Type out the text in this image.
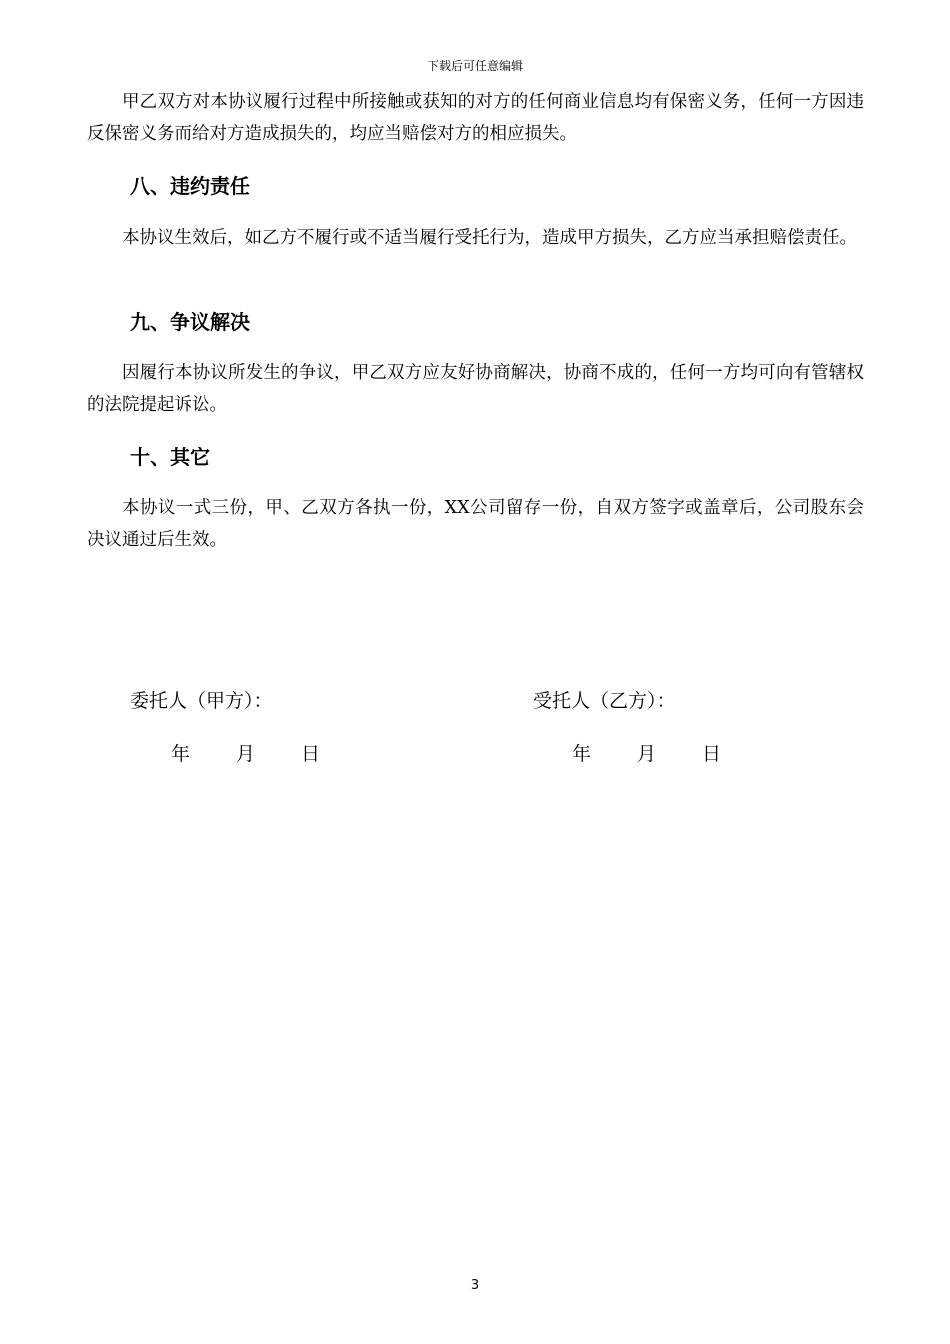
下载后可任意编辑

甲乙双方对本协议履行过程中所接触或获知的对方的任何商业信息均有保密义务，任何一方因违反保密义务而给对方造成损失的，均应当赔偿对方的相应损失。

八、违约责任

本协议生效后，如乙方不履行或不适当履行受托行为，造成甲方损失，乙方应当承担赔偿责任。

九、争议解决

因履行本协议所发生的争议，甲乙双方应友好协商解决，协商不成的，任何一方均可向有管辖权的法院提起诉讼。

十、其它

本协议一式三份，甲、乙双方各执一份，XX公司留存一份，自双方签字或盖章后，公司股东会决议通过后生效。

委托人（甲方）：	受托人（乙方）：
年 月 日	年 月 日
3
